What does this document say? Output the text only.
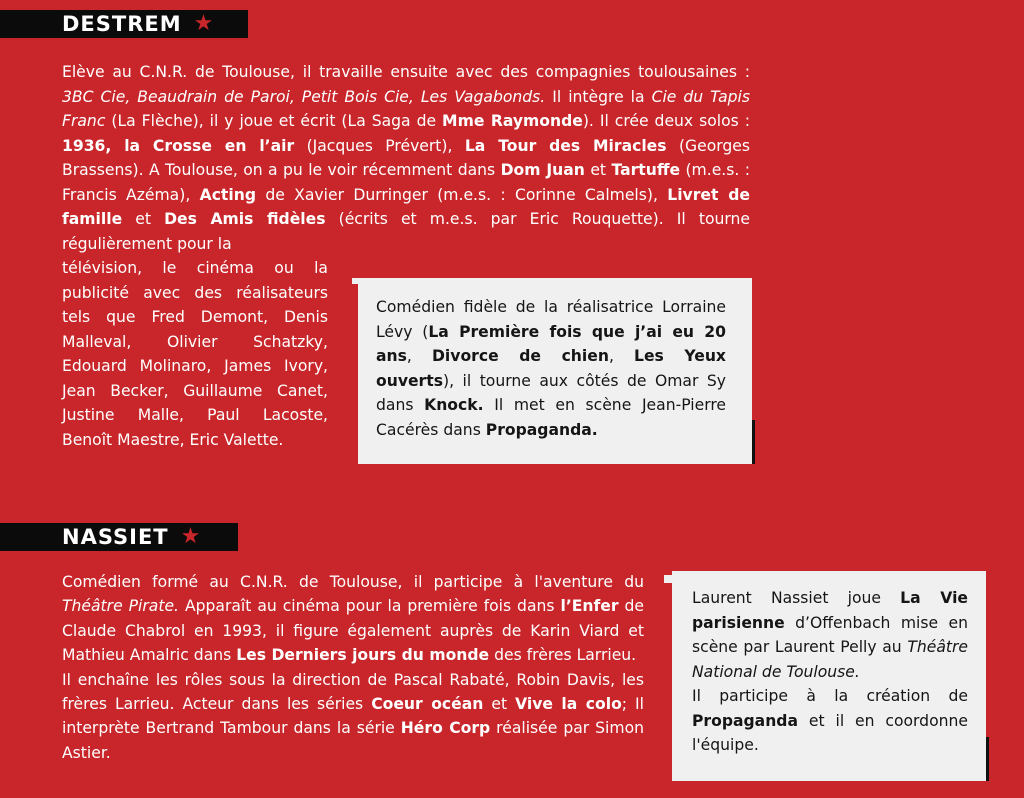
DESTREM ★

Elève au C.N.R. de Toulouse, il travaille ensuite avec des compagnies toulousaines : 3BC Cie, Beaudrain de Paroi, Petit Bois Cie, Les Vagabonds. Il intègre la Cie du Tapis Franc (La Flèche), il y joue et écrit (La Saga de Mme Raymonde). Il crée deux solos : 1936, la Crosse en l’air (Jacques Prévert), La Tour des Miracles (Georges Brassens). A Toulouse, on a pu le voir récemment dans Dom Juan et Tartuffe (m.e.s. : Francis Azéma), Acting de Xavier Durringer (m.e.s. : Corinne Calmels), Livret de famille et Des Amis fidèles (écrits et m.e.s. par Eric Rouquette). Il tourne régulièrement pour la

télévision, le cinéma ou la publicité avec des réalisateurs tels que Fred Demont, Denis Malleval, Olivier Schatzky, Edouard Molinaro, James Ivory, Jean Becker, Guillaume Canet, Justine Malle, Paul Lacoste, Benoît Maestre, Eric Valette.

Comédien fidèle de la réalisatrice Lorraine Lévy (La Première fois que j’ai eu 20 ans, Divorce de chien, Les Yeux ouverts), il tourne aux côtés de Omar Sy dans Knock. Il met en scène Jean-Pierre Cacérès dans Propaganda.

NASSIET ★
Comédien formé au C.N.R. de Toulouse, il participe à l'aventure du Théâtre Pirate. Apparaît au cinéma pour la première fois dans l’Enfer de Claude Chabrol en 1993, il figure également auprès de Karin Viard et Mathieu Amalric dans Les Derniers jours du monde des frères Larrieu.
Il enchaîne les rôles sous la direction de Pascal Rabaté, Robin Davis, les frères Larrieu. Acteur dans les séries Coeur océan et Vive la colo; Il interprète Bertrand Tambour dans la série Héro Corp réalisée par Simon Astier.

Laurent Nassiet joue La Vie parisienne d’Offenbach mise en scène par Laurent Pelly au Théâtre National de Toulouse.

Il participe à la création de Propaganda et il en coordonne l'équipe.
